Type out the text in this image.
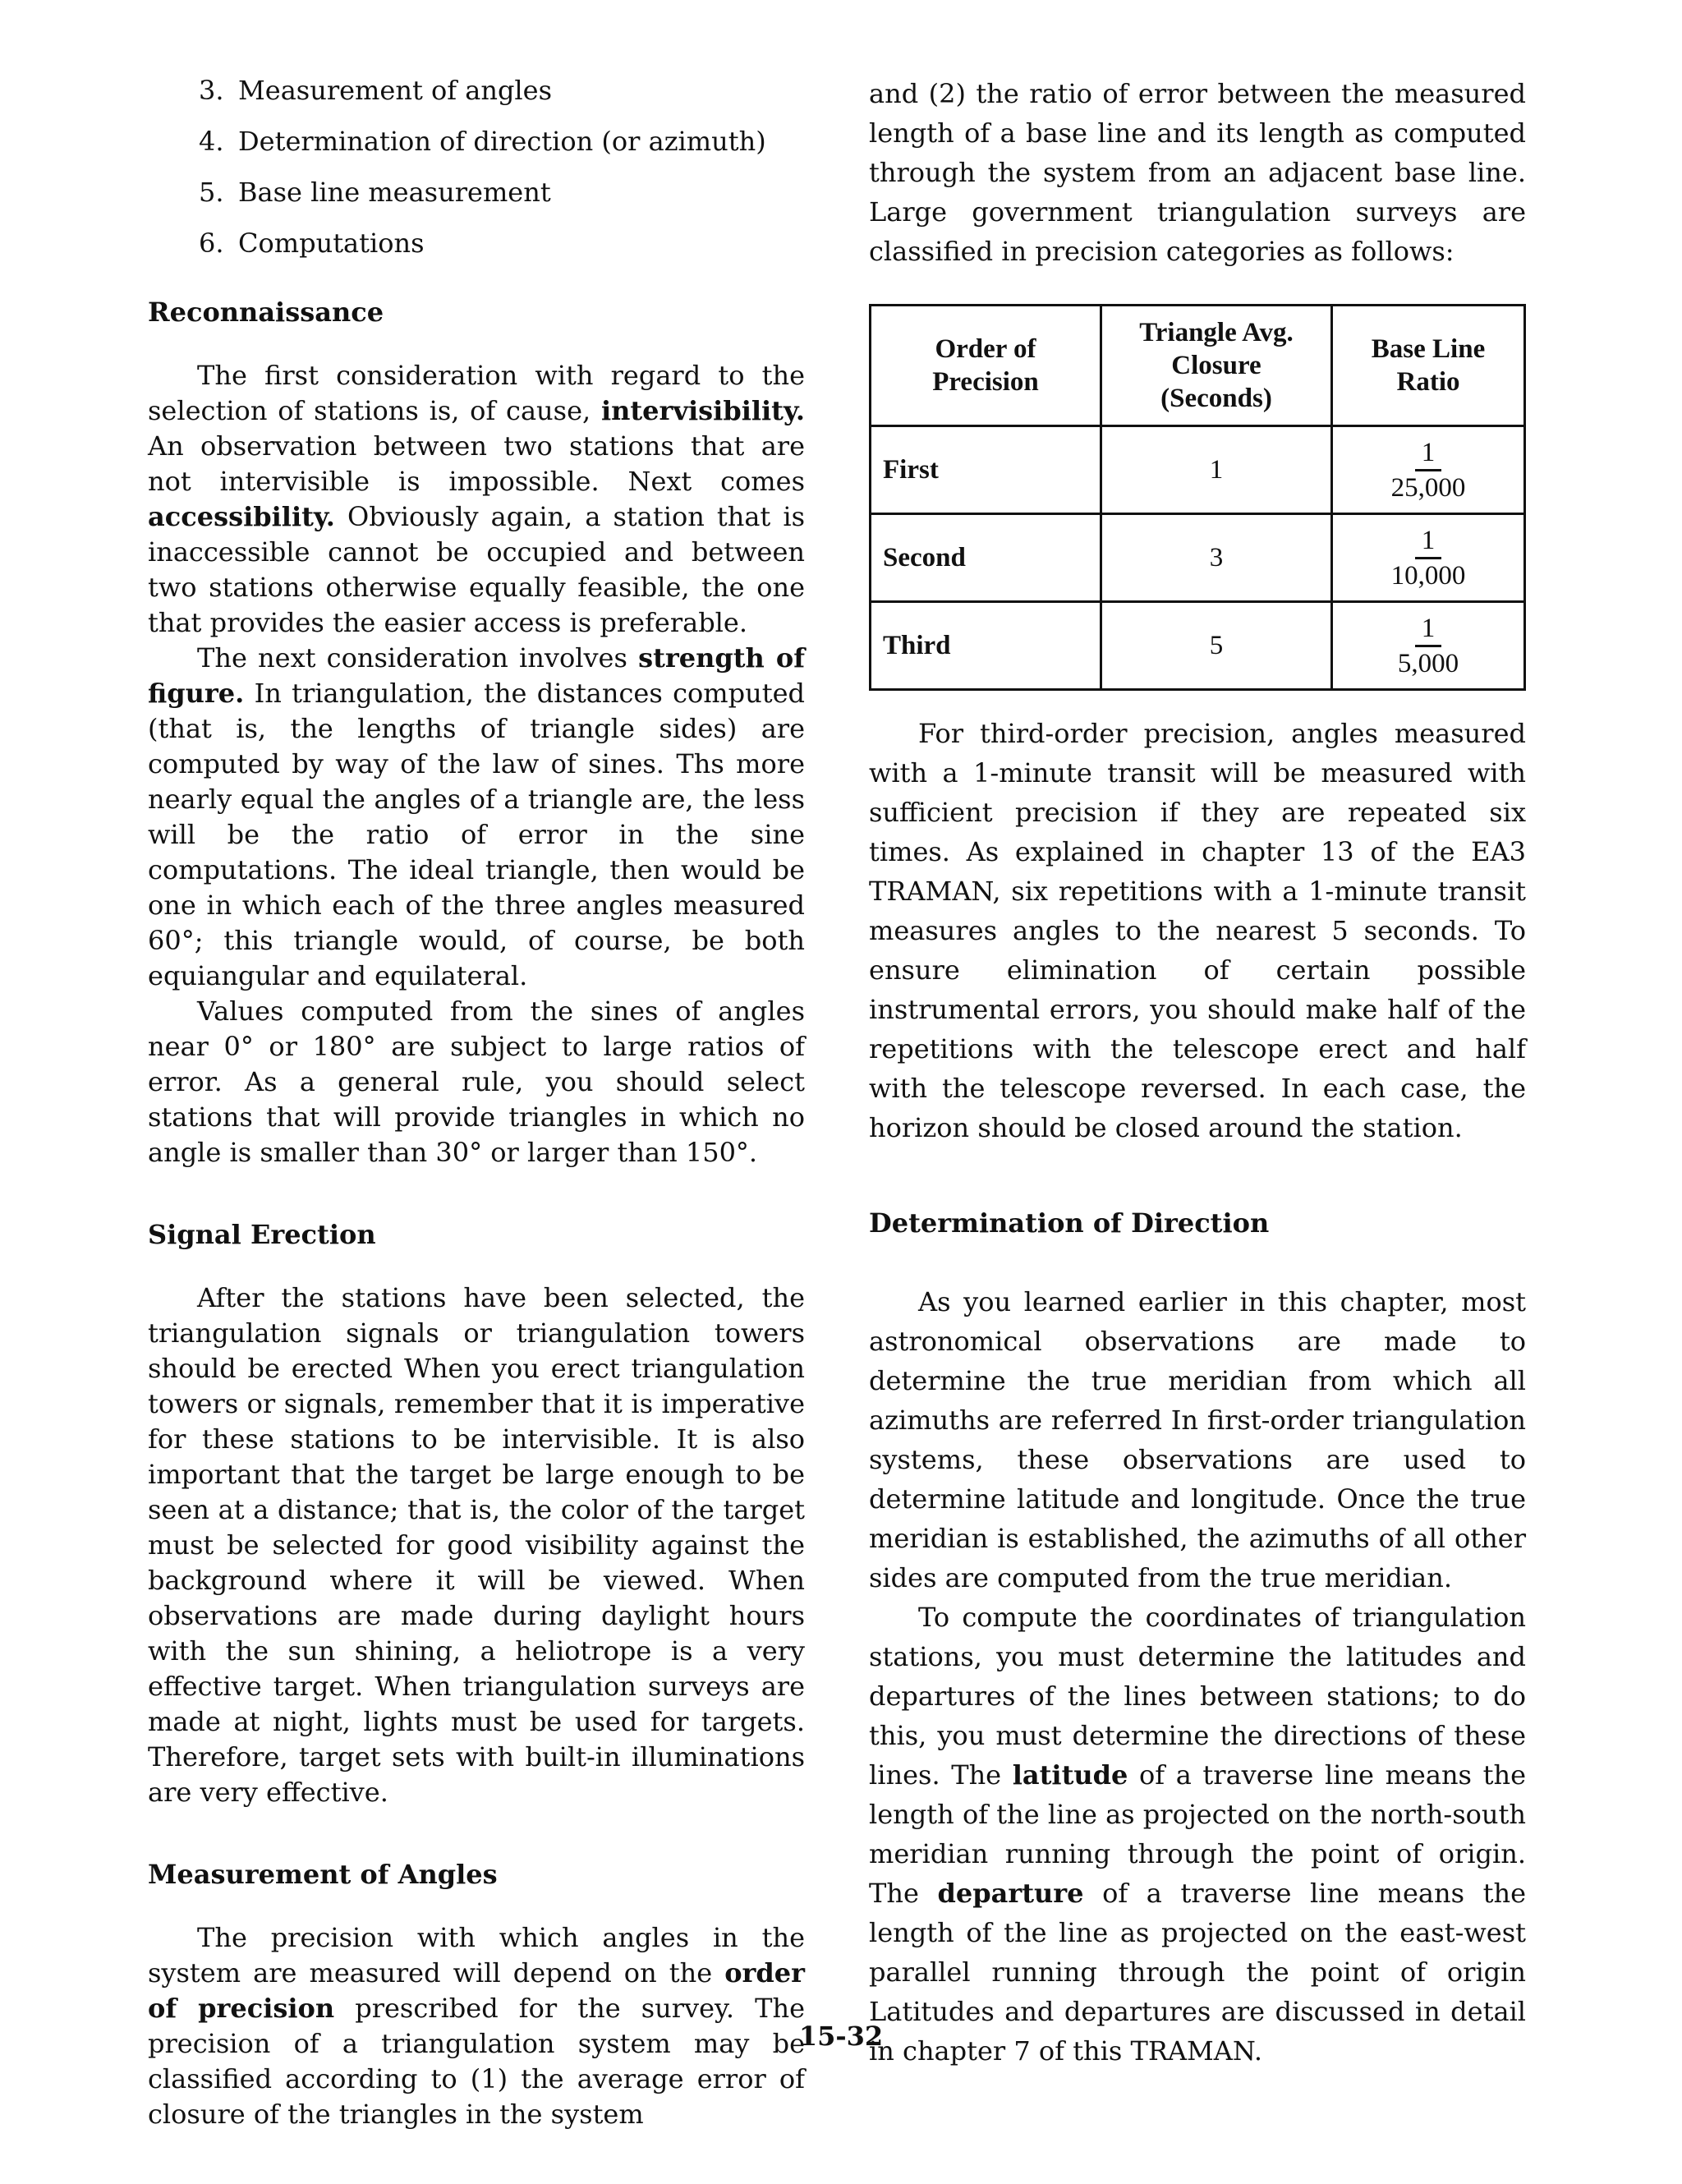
3. Measurement of angles
4. Determination of direction (or azimuth)
5. Base line measurement
6. Computations
Reconnaissance

The first consideration with regard to the selection of stations is, of cause, intervisibility. An observation between two stations that are not intervisible is impossible. Next comes accessibility. Obviously again, a station that is inaccessible cannot be occupied and between two stations otherwise equally feasible, the one that provides the easier access is preferable.

The next consideration involves strength of figure. In triangulation, the distances computed (that is, the lengths of triangle sides) are computed by way of the law of sines. Ths more nearly equal the angles of a triangle are, the less will be the ratio of error in the sine computations. The ideal triangle, then would be one in which each of the three angles measured 60°; this triangle would, of course, be both equiangular and equilateral.

Values computed from the sines of angles near 0° or 180° are subject to large ratios of error. As a general rule, you should select stations that will provide triangles in which no angle is smaller than 30° or larger than 150°.

Signal Erection

After the stations have been selected, the triangulation signals or triangulation towers should be erected When you erect triangulation towers or signals, remember that it is imperative for these stations to be intervisible. It is also important that the target be large enough to be seen at a distance; that is, the color of the target must be selected for good visibility against the background where it will be viewed. When observations are made during daylight hours with the sun shining, a heliotrope is a very effective target. When triangulation surveys are made at night, lights must be used for targets. Therefore, target sets with built-in illuminations are very effective.

Measurement of Angles

The precision with which angles in the system are measured will depend on the order of precision prescribed for the survey. The precision of a triangulation system may be classified according to (1) the average error of closure of the triangles in the system

and (2) the ratio of error between the measured length of a base line and its length as computed through the system from an adjacent base line. Large government triangulation surveys are classified in precision categories as follows:

Order of Precision	Triangle Avg. Closure (Seconds)	Base Line Ratio
First	1	$\frac{1}{25,000}$

Second	3	$\frac{1}{10,000}$

Third	5	$\frac{1}{5,000}$

For third-order precision, angles measured with a 1-minute transit will be measured with sufficient precision if they are repeated six times. As explained in chapter 13 of the EA3 TRAMAN, six repetitions with a 1-minute transit measures angles to the nearest 5 seconds. To ensure elimination of certain possible instrumental errors, you should make half of the repetitions with the telescope erect and half with the telescope reversed. In each case, the horizon should be closed around the station.

Determination of Direction

As you learned earlier in this chapter, most astronomical observations are made to determine the true meridian from which all azimuths are referred In first-order triangulation systems, these observations are used to determine latitude and longitude. Once the true meridian is established, the azimuths of all other sides are computed from the true meridian.

To compute the coordinates of triangulation stations, you must determine the latitudes and departures of the lines between stations; to do this, you must determine the directions of these lines. The latitude of a traverse line means the length of the line as projected on the north-south meridian running through the point of origin. The departure of a traverse line means the length of the line as projected on the east-west parallel running through the point of origin Latitudes and departures are discussed in detail in chapter 7 of this TRAMAN.

15-32
